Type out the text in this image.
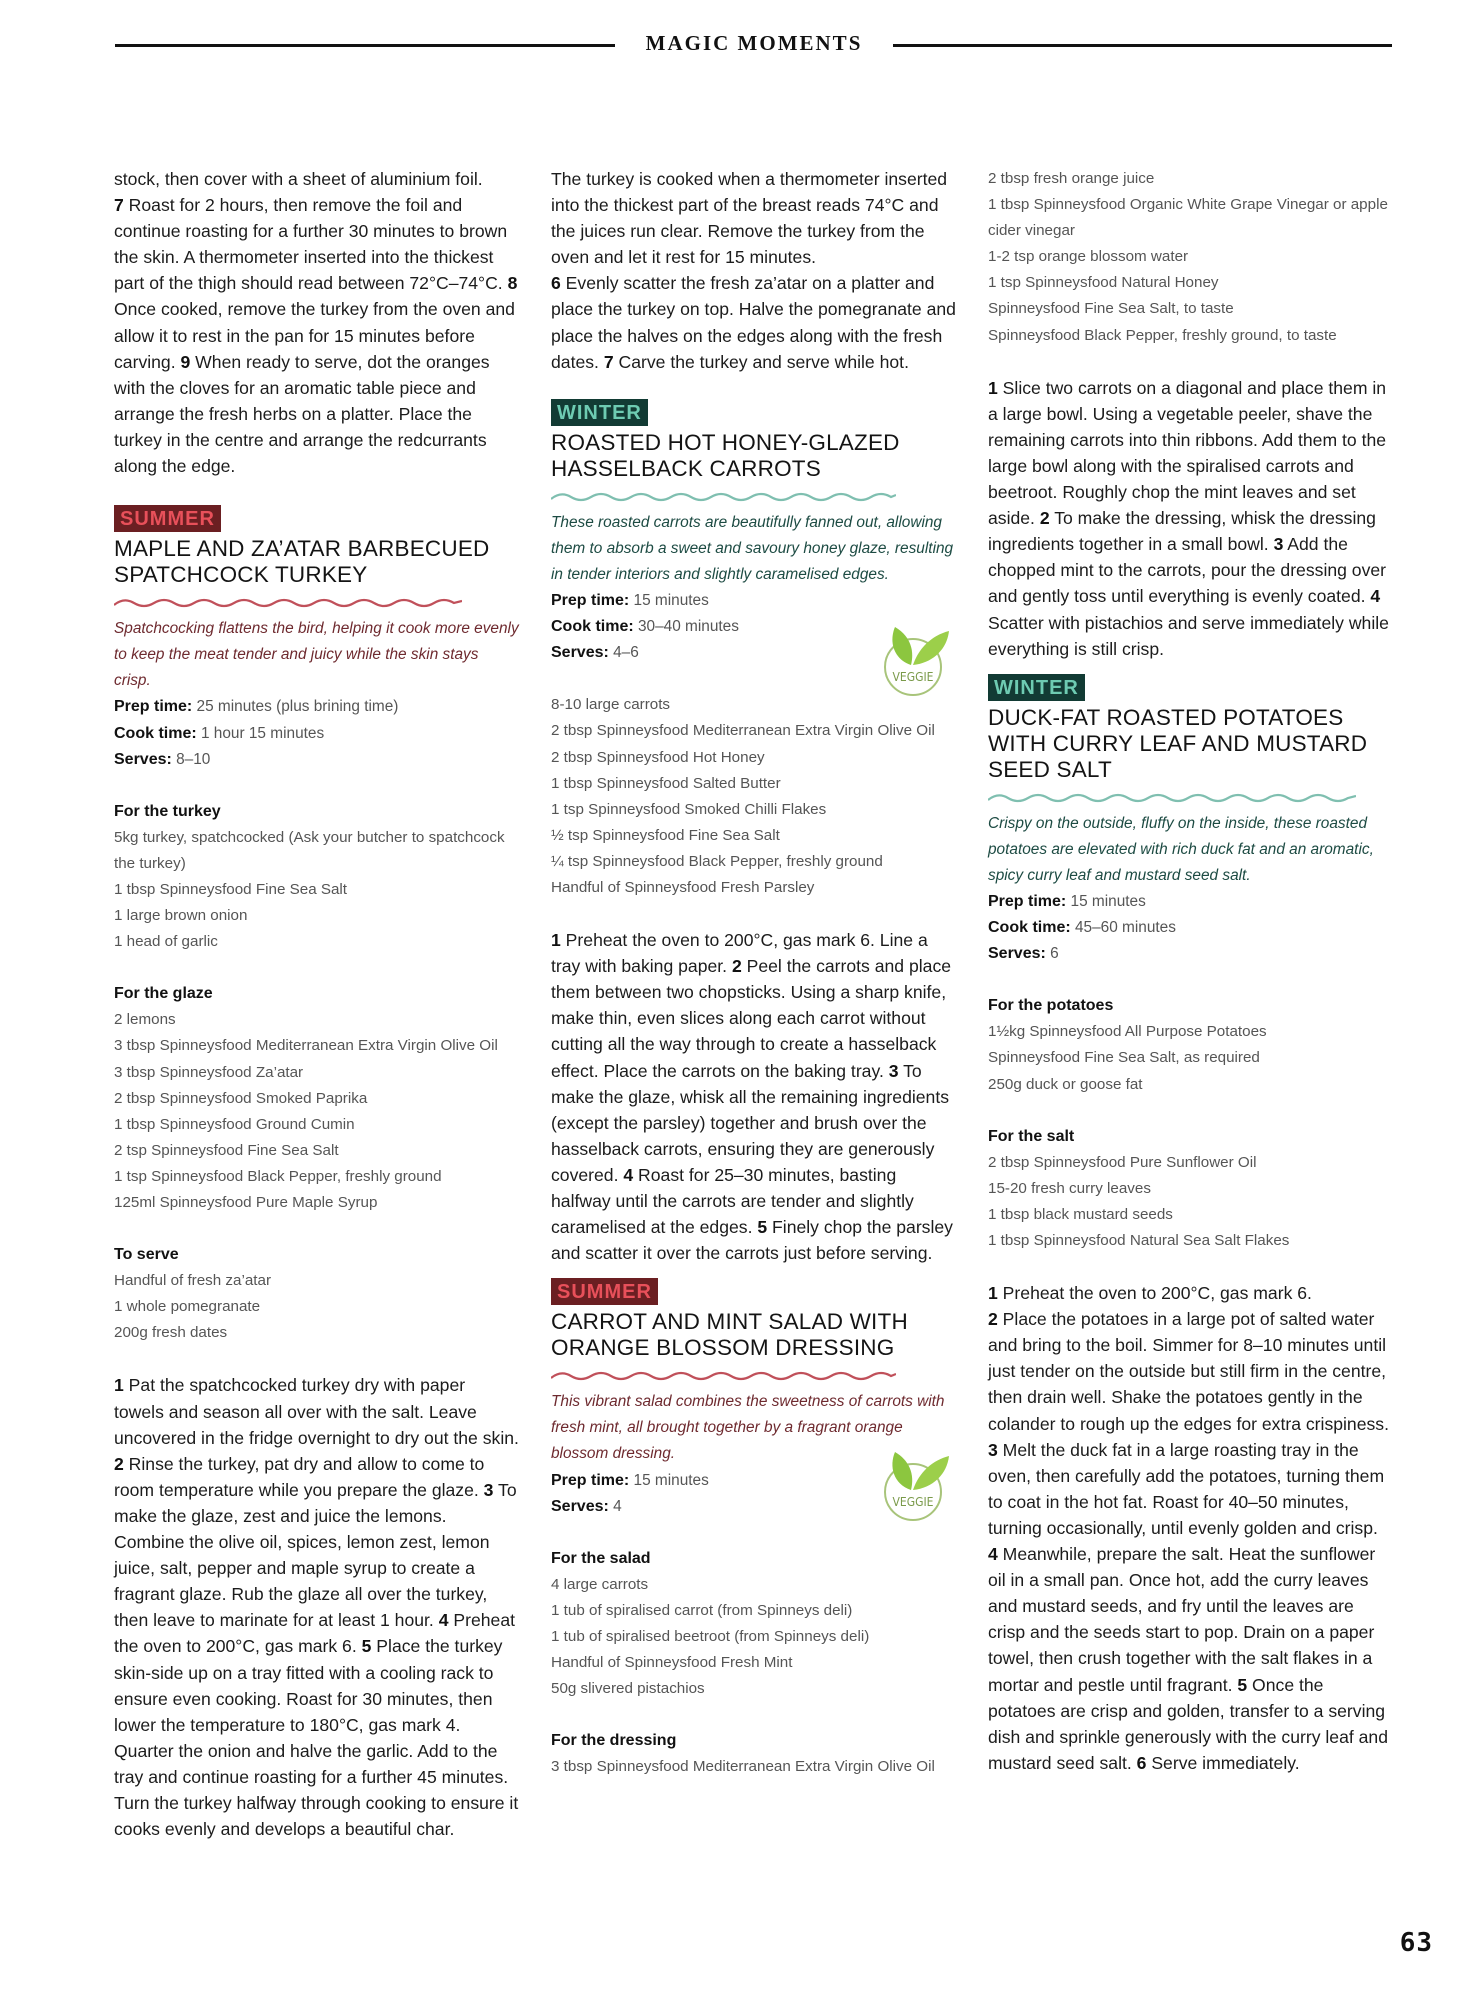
MAGIC MOMENTS

stock, then cover with a sheet of aluminium foil.
7 Roast for 2 hours, then remove the foil and continue roasting for a further 30 minutes to brown the skin. A thermometer inserted into the thickest part of the thigh should read between 72°C–74°C. 8 Once cooked, remove the turkey from the oven and allow it to rest in the pan for 15 minutes before carving. 9 When ready to serve, dot the oranges with the cloves for an aromatic table piece and arrange the fresh herbs on a platter. Place the turkey in the centre and arrange the redcurrants along the edge.

SUMMER
MAPLE AND ZA’ATAR BARBECUED
SPATCHCOCK TURKEY

Spatchcocking flattens the bird, helping it cook more evenly to keep the meat tender and juicy while the skin stays crisp.

Prep time: 25 minutes (plus brining time)

Cook time: 1 hour 15 minutes

Serves: 8–10

For the turkey

5kg turkey, spatchcocked (Ask your butcher to spatchcock the turkey)
1 tbsp Spinneysfood Fine Sea Salt
1 large brown onion
1 head of garlic

For the glaze

2 lemons
3 tbsp Spinneysfood Mediterranean Extra Virgin Olive Oil
3 tbsp Spinneysfood Za’atar
2 tbsp Spinneysfood Smoked Paprika
1 tbsp Spinneysfood Ground Cumin
2 tsp Spinneysfood Fine Sea Salt
1 tsp Spinneysfood Black Pepper, freshly ground
125ml Spinneysfood Pure Maple Syrup

To serve

Handful of fresh za’atar
1 whole pomegranate
200g fresh dates

1 Pat the spatchcocked turkey dry with paper towels and season all over with the salt. Leave uncovered in the fridge overnight to dry out the skin. 2 Rinse the turkey, pat dry and allow to come to room temperature while you prepare the glaze. 3 To make the glaze, zest and juice the lemons. Combine the olive oil, spices, lemon zest, lemon juice, salt, pepper and maple syrup to create a fragrant glaze. Rub the glaze all over the turkey, then leave to marinate for at least 1 hour. 4 Preheat the oven to 200°C, gas mark 6. 5 Place the turkey skin-side up on a tray fitted with a cooling rack to ensure even cooking. Roast for 30 minutes, then lower the temperature to 180°C, gas mark 4. Quarter the onion and halve the garlic. Add to the tray and continue roasting for a further 45 minutes. Turn the turkey halfway through cooking to ensure it cooks evenly and develops a beautiful char.

The turkey is cooked when a thermometer inserted into the thickest part of the breast reads 74°C and the juices run clear. Remove the turkey from the oven and let it rest for 15 minutes.
6 Evenly scatter the fresh za’atar on a platter and place the turkey on top. Halve the pomegranate and place the halves on the edges along with the fresh dates. 7 Carve the turkey and serve while hot.

WINTER
ROASTED HOT HONEY-GLAZED
HASSELBACK CARROTS

These roasted carrots are beautifully fanned out, allowing them to absorb a sweet and savoury honey glaze, resulting in tender interiors and slightly caramelised edges.

Prep time: 15 minutes

Cook time: 30–40 minutes

Serves: 4–6

VEGGIE
8-10 large carrots
2 tbsp Spinneysfood Mediterranean Extra Virgin Olive Oil
2 tbsp Spinneysfood Hot Honey
1 tbsp Spinneysfood Salted Butter
1 tsp Spinneysfood Smoked Chilli Flakes
½ tsp Spinneysfood Fine Sea Salt
¼ tsp Spinneysfood Black Pepper, freshly ground
Handful of Spinneysfood Fresh Parsley

1 Preheat the oven to 200°C, gas mark 6. Line a tray with baking paper. 2 Peel the carrots and place them between two chopsticks. Using a sharp knife, make thin, even slices along each carrot without cutting all the way through to create a hasselback effect. Place the carrots on the baking tray. 3 To make the glaze, whisk all the remaining ingredients (except the parsley) together and brush over the hasselback carrots, ensuring they are generously covered. 4 Roast for 25–30 minutes, basting halfway until the carrots are tender and slightly caramelised at the edges. 5 Finely chop the parsley and scatter it over the carrots just before serving.

SUMMER
CARROT AND MINT SALAD WITH
ORANGE BLOSSOM DRESSING

This vibrant salad combines the sweetness of carrots with fresh mint, all brought together by a fragrant orange blossom dressing.

Prep time: 15 minutes

Serves: 4	VEGGIE

For the salad

4 large carrots
1 tub of spiralised carrot (from Spinneys deli)
1 tub of spiralised beetroot (from Spinneys deli)
Handful of Spinneysfood Fresh Mint
50g slivered pistachios

For the dressing

3 tbsp Spinneysfood Mediterranean Extra Virgin Olive Oil
2 tbsp fresh orange juice
1 tbsp Spinneysfood Organic White Grape Vinegar or apple cider vinegar
1-2 tsp orange blossom water
1 tsp Spinneysfood Natural Honey
Spinneysfood Fine Sea Salt, to taste
Spinneysfood Black Pepper, freshly ground, to taste

1 Slice two carrots on a diagonal and place them in a large bowl. Using a vegetable peeler, shave the remaining carrots into thin ribbons. Add them to the large bowl along with the spiralised carrots and beetroot. Roughly chop the mint leaves and set aside. 2 To make the dressing, whisk the dressing ingredients together in a small bowl. 3 Add the chopped mint to the carrots, pour the dressing over and gently toss until everything is evenly coated. 4 Scatter with pistachios and serve immediately while everything is still crisp.

WINTER
DUCK-FAT ROASTED POTATOES
WITH CURRY LEAF AND MUSTARD
SEED SALT

Crispy on the outside, fluffy on the inside, these roasted potatoes are elevated with rich duck fat and an aromatic, spicy curry leaf and mustard seed salt.

Prep time: 15 minutes

Cook time: 45–60 minutes

Serves: 6

For the potatoes

1½kg Spinneysfood All Purpose Potatoes
Spinneysfood Fine Sea Salt, as required
250g duck or goose fat

For the salt

2 tbsp Spinneysfood Pure Sunflower Oil
15-20 fresh curry leaves
1 tbsp black mustard seeds
1 tbsp Spinneysfood Natural Sea Salt Flakes

1 Preheat the oven to 200°C, gas mark 6.
2 Place the potatoes in a large pot of salted water and bring to the boil. Simmer for 8–10 minutes until just tender on the outside but still firm in the centre, then drain well. Shake the potatoes gently in the colander to rough up the edges for extra crispiness. 3 Melt the duck fat in a large roasting tray in the oven, then carefully add the potatoes, turning them to coat in the hot fat. Roast for 40–50 minutes, turning occasionally, until evenly golden and crisp.
4 Meanwhile, prepare the salt. Heat the sunflower oil in a small pan. Once hot, add the curry leaves and mustard seeds, and fry until the leaves are crisp and the seeds start to pop. Drain on a paper towel, then crush together with the salt flakes in a mortar and pestle until fragrant. 5 Once the potatoes are crisp and golden, transfer to a serving dish and sprinkle generously with the curry leaf and mustard seed salt. 6 Serve immediately.

63
